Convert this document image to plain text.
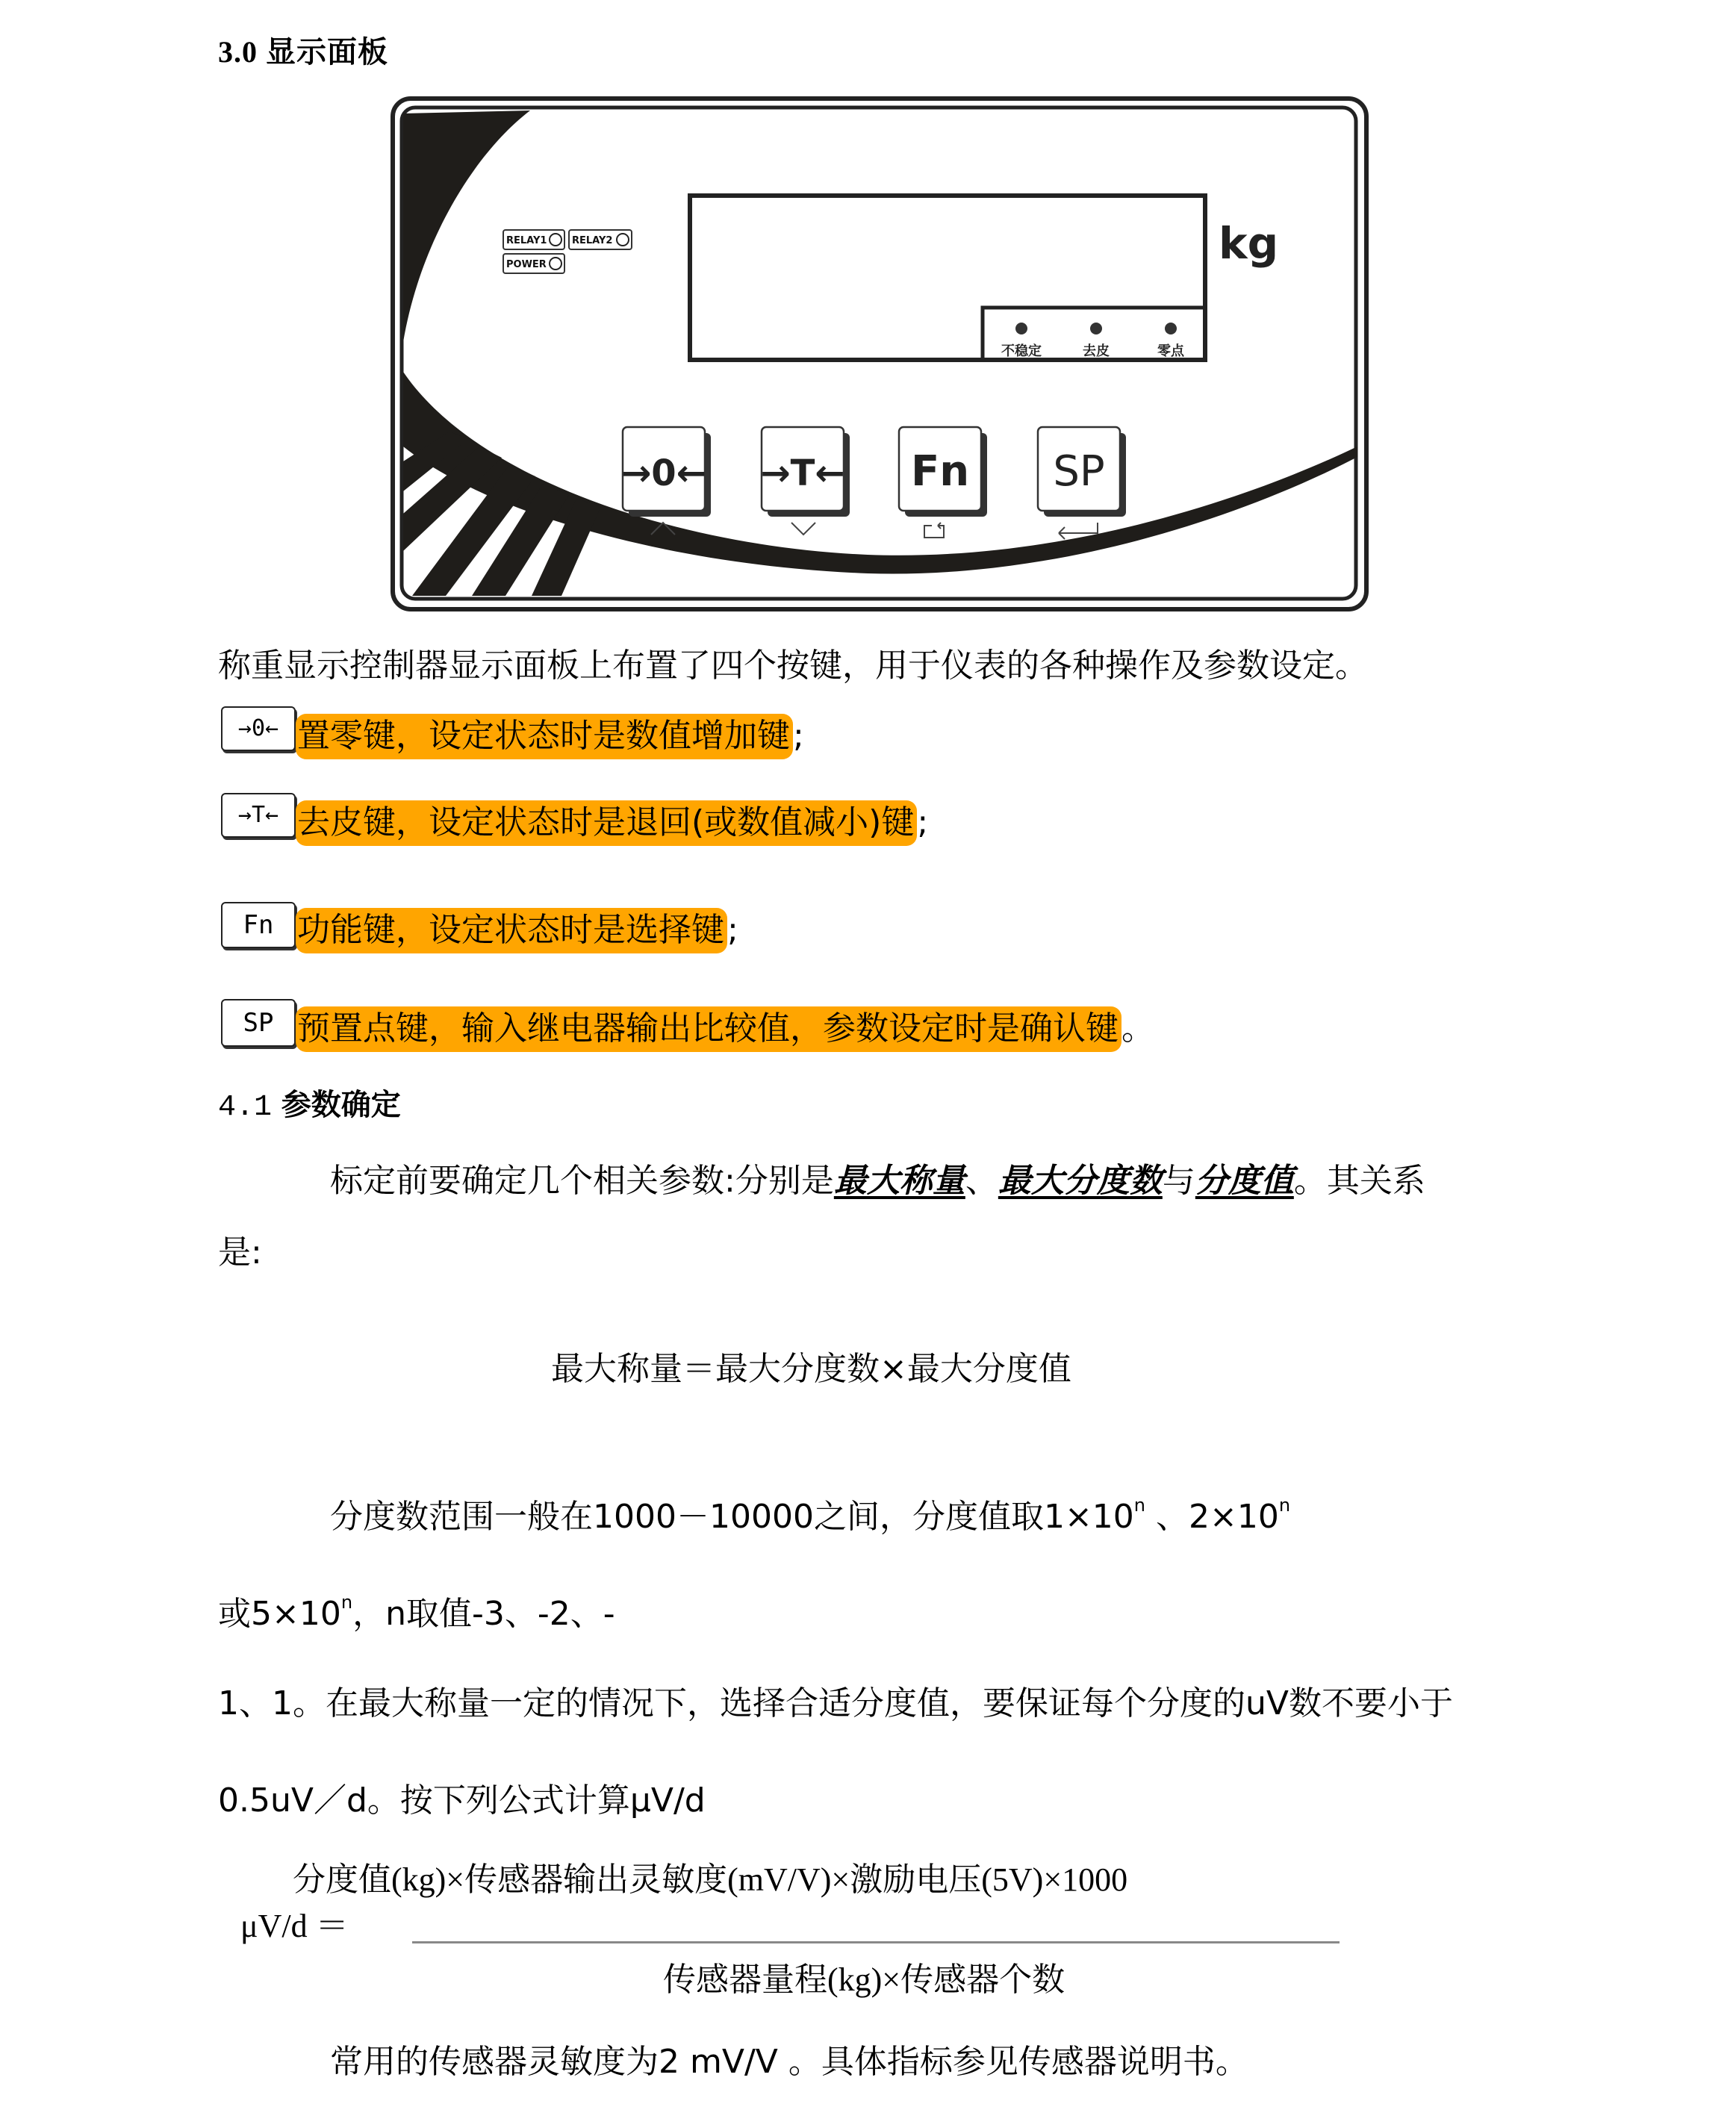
3.0 显示面板
RELAY1	RELAY2
POWER
不稳定	去皮	零点
kg
→0← →T← Fn SP
称重显示控制器显示面板上布置了四个按键，用于仪表的各种操作及参数设定。
→0← 置零键，设定状态时是数值增加键;
→T← 去皮键，设定状态时是退回(或数值减小)键;
Fn 功能键，设定状态时是选择键;
SP 预置点键，输入继电器输出比较值，参数设定时是确认键。
4.1 参数确定
标定前要确定几个相关参数:分别是最大称量、最大分度数与分度值。其关系
是:
最大称量＝最大分度数×最大分度值
分度数范围一般在1000－10000之间，分度值取$1\times 10^n$ 、$2\times 10^n$
或$5\times 10^n$，n取值-3、-2、-
1、1。在最大称量一定的情况下，选择合适分度值，要保证每个分度的uV数不要小于
0.5uV／d。按下列公式计算μV/d
分度值(kg)×传感器输出灵敏度(mV/V)×激励电压(5V)×1000
μV/d ＝
传感器量程(kg)×传感器个数
常用的传感器灵敏度为2 mV/V 。具体指标参见传感器说明书。
